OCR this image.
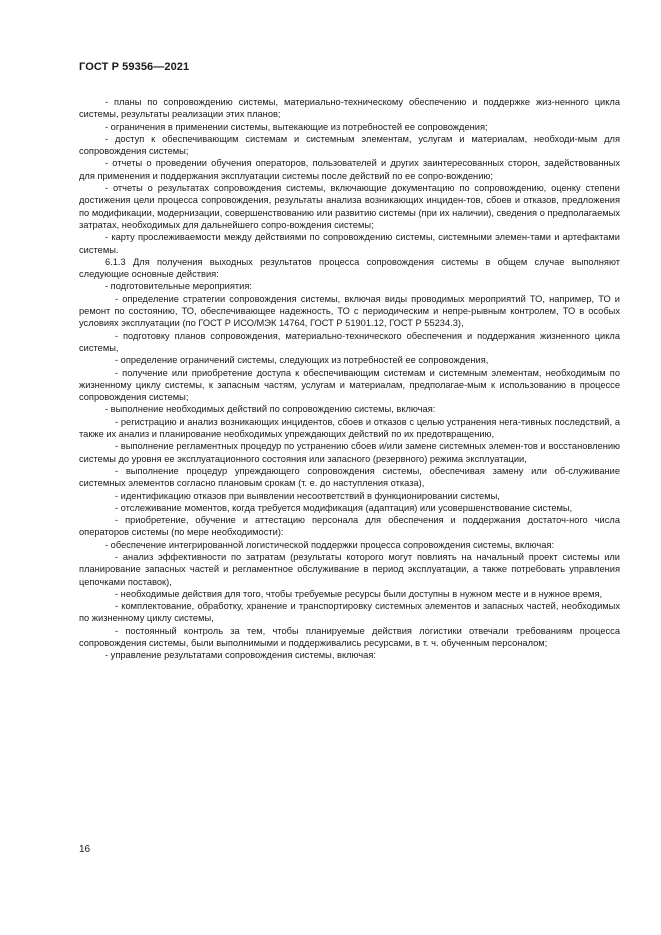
ГОСТ Р 59356—2021

- планы по сопровождению системы, материально-техническому обеспечению и поддержке жиз-ненного цикла системы, результаты реализации этих планов;

- ограничения в применении системы, вытекающие из потребностей ее сопровождения;

- доступ к обеспечивающим системам и системным элементам, услугам и материалам, необходи-мым для сопровождения системы;

- отчеты о проведении обучения операторов, пользователей и других заинтересованных сторон, задействованных для применения и поддержания эксплуатации системы после действий по ее сопро-вождению;

- отчеты о результатах сопровождения системы, включающие документацию по сопровождению, оценку степени достижения цели процесса сопровождения, результаты анализа возникающих инциден-тов, сбоев и отказов, предложения по модификации, модернизации, совершенствованию или развитию системы (при их наличии), сведения о предполагаемых затратах, необходимых для дальнейшего сопро-вождения системы;

- карту прослеживаемости между действиями по сопровождению системы, системными элемен-тами и артефактами системы.

6.1.3 Для получения выходных результатов процесса сопровождения системы в общем случае выполняют следующие основные действия:

- подготовительные мероприятия:

- определение стратегии сопровождения системы, включая виды проводимых мероприятий ТО, например, ТО и ремонт по состоянию, ТО, обеспечивающее надежность, ТО с периодическим и непре-рывным контролем, ТО в особых условиях эксплуатации (по ГОСТ Р ИСО/МЭК 14764, ГОСТ Р 51901.12, ГОСТ Р 55234.3),

- подготовку планов сопровождения, материально-технического обеспечения и поддержания жизненного цикла системы,

- определение ограничений системы, следующих из потребностей ее сопровождения,

- получение или приобретение доступа к обеспечивающим системам и системным элементам, необходимым по жизненному циклу системы, к запасным частям, услугам и материалам, предполагае-мым к использованию в процессе сопровождения системы;

- выполнение необходимых действий по сопровождению системы, включая:

- регистрацию и анализ возникающих инцидентов, сбоев и отказов с целью устранения нега-тивных последствий, а также их анализ и планирование необходимых упреждающих действий по их предотвращению,

- выполнение регламентных процедур по устранению сбоев и/или замене системных элемен-тов и восстановлению системы до уровня ее эксплуатационного состояния или запасного (резервного) режима эксплуатации,

- выполнение процедур упреждающего сопровождения системы, обеспечивая замену или об-служивание системных элементов согласно плановым срокам (т. е. до наступления отказа),

- идентификацию отказов при выявлении несоответствий в функционировании системы,

- отслеживание моментов, когда требуется модификация (адаптация) или усовершенствование системы,

- приобретение, обучение и аттестацию персонала для обеспечения и поддержания достаточ-ного числа операторов системы (по мере необходимости):

- обеспечение интегрированной логистической поддержки процесса сопровождения системы, включая:

- анализ эффективности по затратам (результаты которого могут повлиять на начальный проект системы или планирование запасных частей и регламентное обслуживание в период эксплуатации, а также потребовать управления цепочками поставок),

- необходимые действия для того, чтобы требуемые ресурсы были доступны в нужном месте и в нужное время,

- комплектование, обработку, хранение и транспортировку системных элементов и запасных частей, необходимых по жизненному циклу системы,

- постоянный контроль за тем, чтобы планируемые действия логистики отвечали требованиям процесса сопровождения системы, были выполнимыми и поддерживались ресурсами, в т. ч. обученным персоналом;

- управление результатами сопровождения системы, включая:

16
